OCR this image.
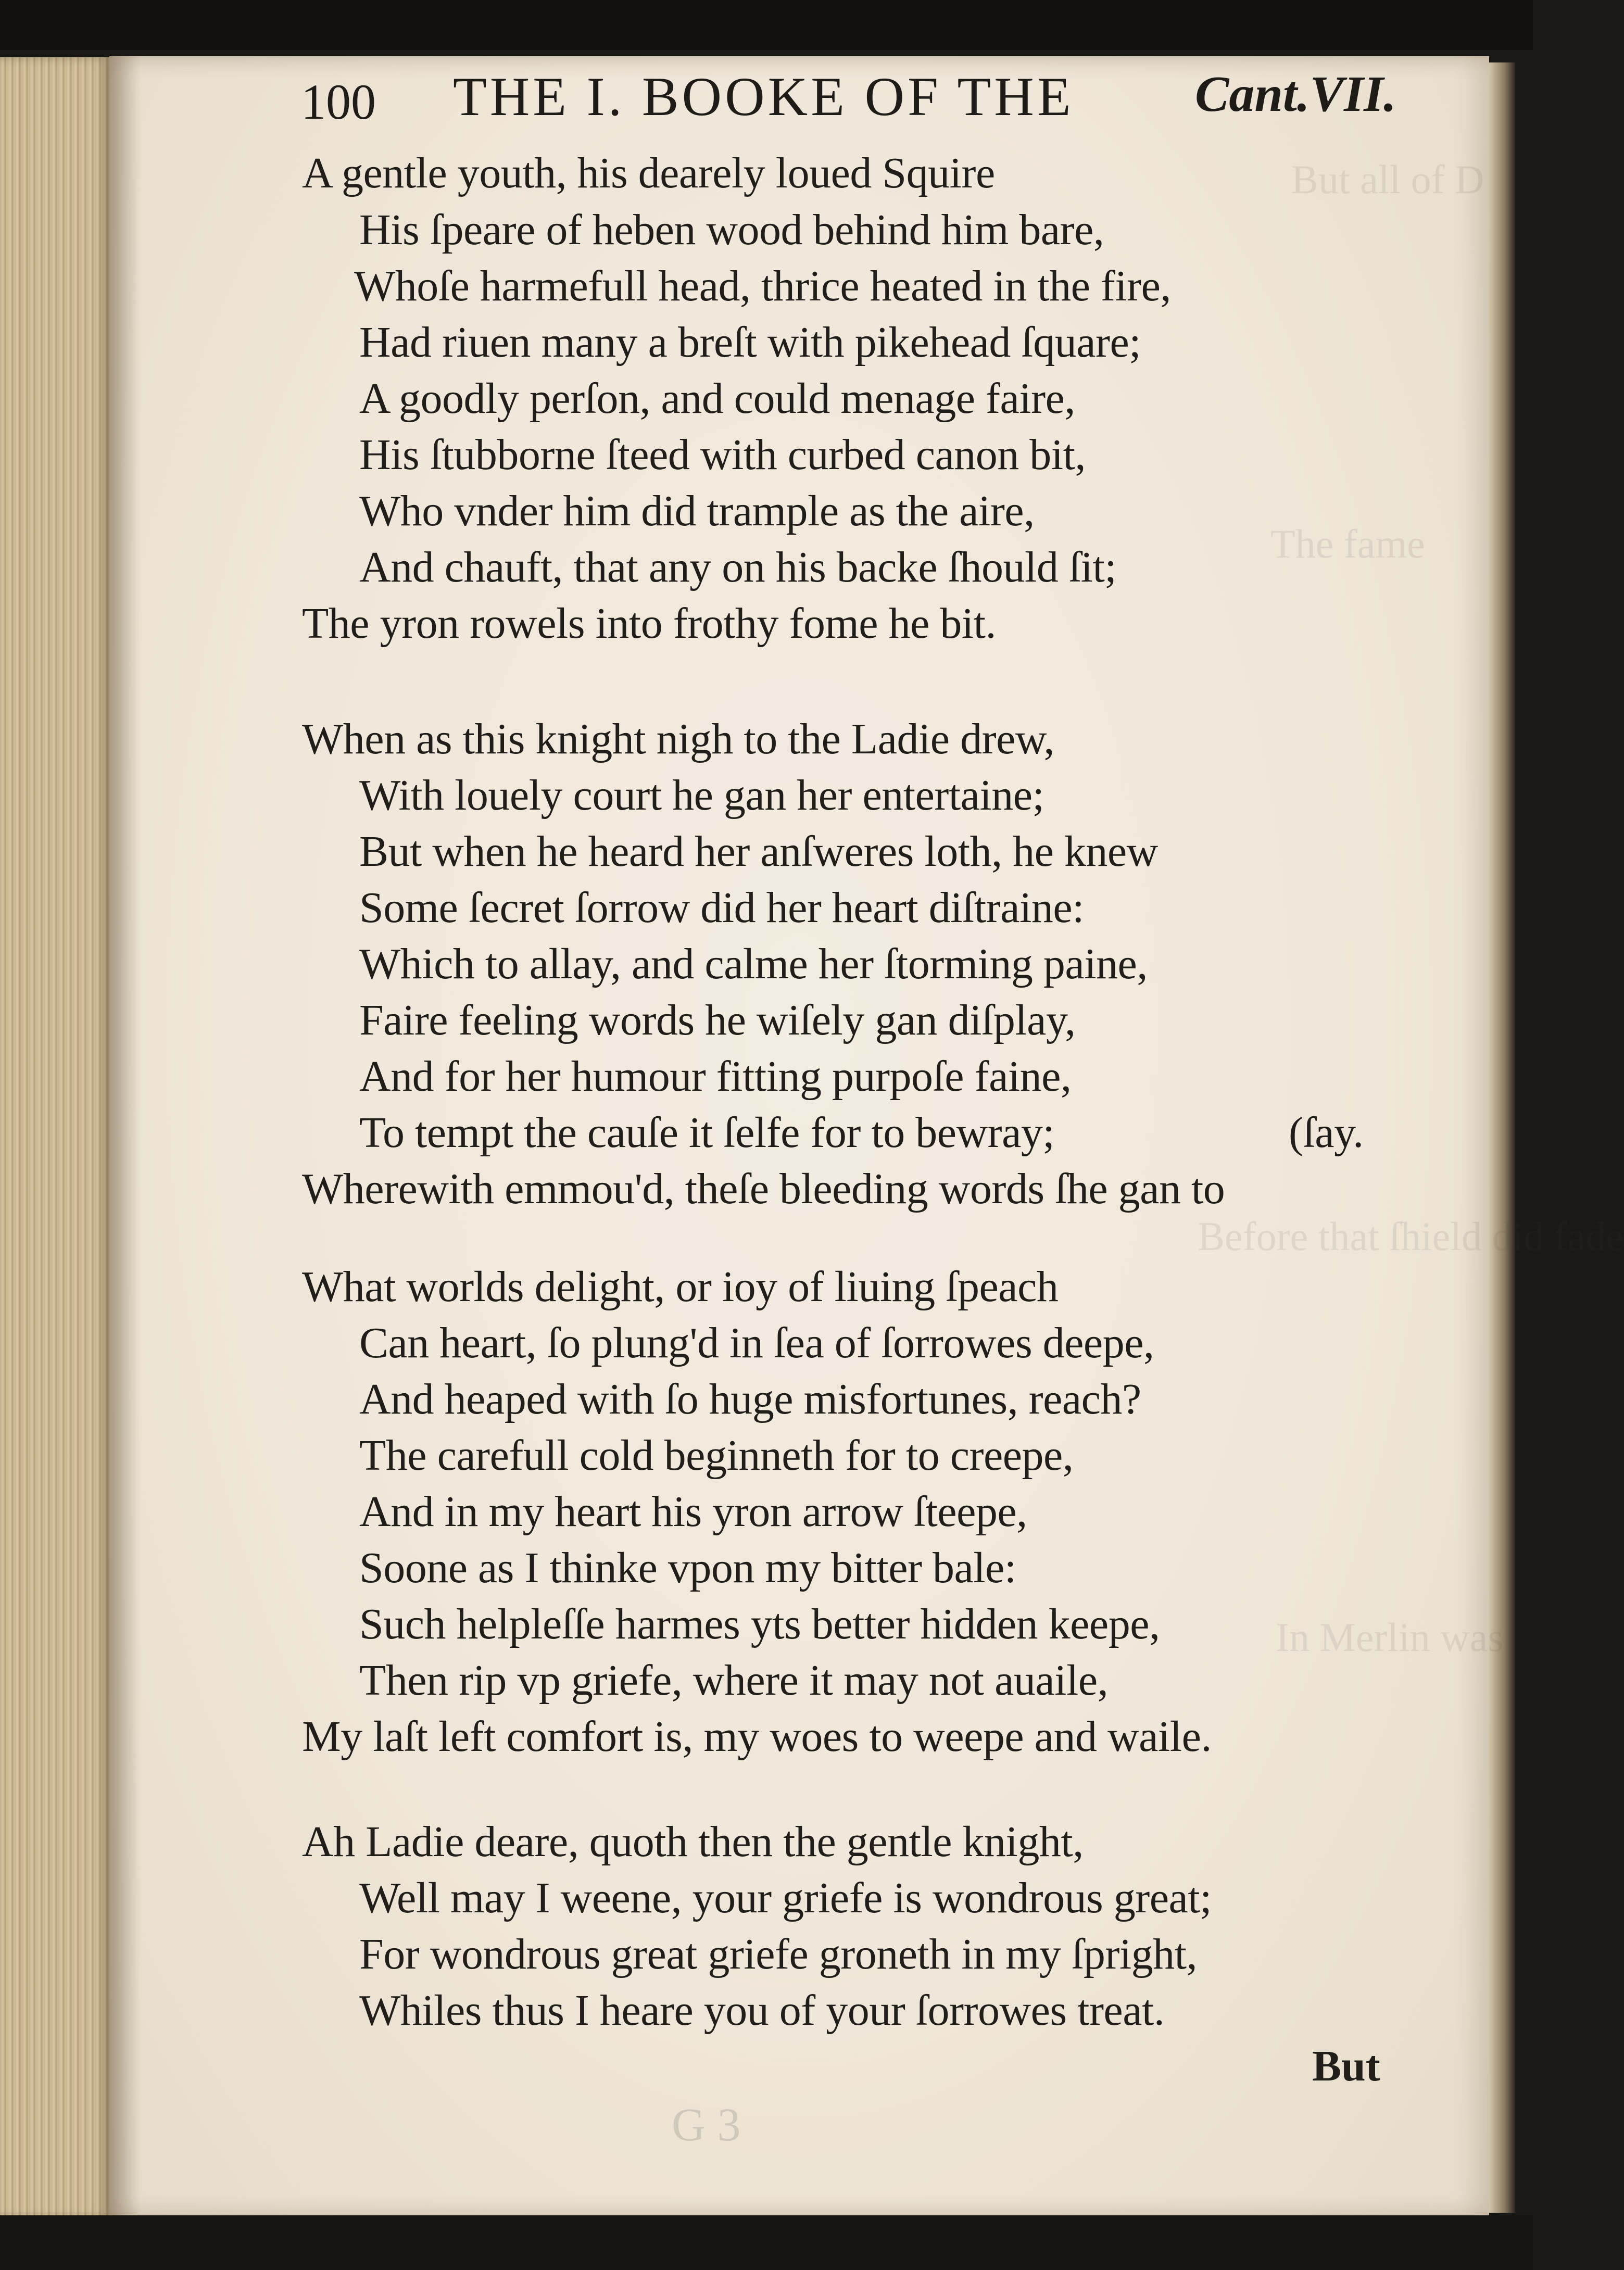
But all of D
The fame
Before that ſhield did fade
In Merlin was
100 THE I. BOOKE OF THE Cant.VII.
A gentle youth, his dearely loued Squire
His ſpeare of heben wood behind him bare,
Whoſe harmefull head, thrice heated in the fire,
Had riuen many a breſt with pikehead ſquare;
A goodly perſon, and could menage faire,
His ſtubborne ſteed with curbed canon bit,
Who vnder him did trample as the aire,
And chauft, that any on his backe ſhould ſit;
The yron rowels into frothy fome he bit.
When as this knight nigh to the Ladie drew,
With louely court he gan her entertaine;
But when he heard her anſweres loth, he knew
Some ſecret ſorrow did her heart diſtraine:
Which to allay, and calme her ſtorming paine,
Faire feeling words he wiſely gan diſplay,
And for her humour fitting purpoſe faine,
To tempt the cauſe it ſelfe for to bewray;	(ſay.
Wherewith emmou'd, theſe bleeding words ſhe gan to
What worlds delight, or ioy of liuing ſpeach
Can heart, ſo plung'd in ſea of ſorrowes deepe,
And heaped with ſo huge misfortunes, reach?
The carefull cold beginneth for to creepe,
And in my heart his yron arrow ſteepe,
Soone as I thinke vpon my bitter bale:
Such helpleſſe harmes yts better hidden keepe,
Then rip vp griefe, where it may not auaile,
My laſt left comfort is, my woes to weepe and waile.
Ah Ladie deare, quoth then the gentle knight,
Well may I weene, your griefe is wondrous great;
For wondrous great griefe groneth in my ſpright,
Whiles thus I heare you of your ſorrowes treat.
But
G 3
